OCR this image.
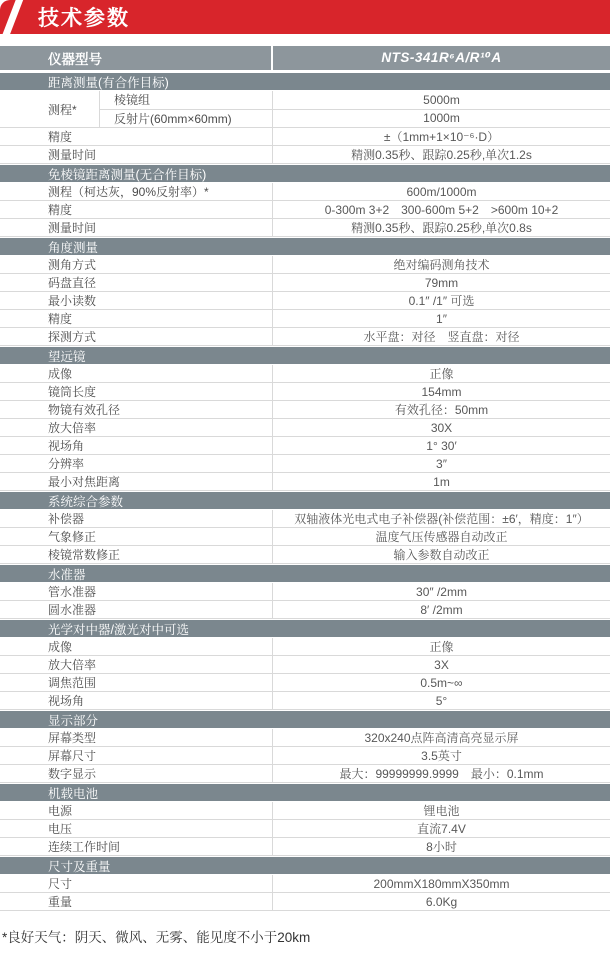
技术参数
仪器型号	NTS-341R⁶A/R¹⁰A
距离测量(有合作目标)
测程*
棱镜组	5000m
反射片(60mm×60mm)	1000m
精度	±（1mm+1×10⁻⁶·D）
测量时间	精测0.35秒、跟踪0.25秒,单次1.2s
免棱镜距离测量(无合作目标)
测程（柯达灰，90%反射率）*	600m/1000m
精度	0-300m 3+2　300-600m 5+2　>600m 10+2
测量时间	精测0.35秒、跟踪0.25秒,单次0.8s
角度测量
测角方式	绝对编码测角技术
码盘直径	79mm
最小读数	0.1″ /1″ 可选
精度	1″
探测方式	水平盘：对径　竖直盘：对径
望远镜
成像	正像
镜筒长度	154mm
物镜有效孔径	有效孔径：50mm
放大倍率	30X
视场角	1° 30′
分辨率	3″
最小对焦距离	1m
系统综合参数
补偿器	双轴液体光电式电子补偿器(补偿范围：±6′，精度：1″）
气象修正	温度气压传感器自动改正
棱镜常数修正	输入参数自动改正
水准器
管水准器	30″ /2mm
圆水准器	8′ /2mm
光学对中器/激光对中可选
成像	正像
放大倍率	3X
调焦范围	0.5m~∞
视场角	5°
显示部分
屏幕类型	320x240点阵高清高亮显示屏
屏幕尺寸	3.5英寸
数字显示	最大：99999999.9999　最小：0.1mm
机载电池
电源	锂电池
电压	直流7.4V
连续工作时间	8小时
尺寸及重量
尺寸	200mmX180mmX350mm
重量	6.0Kg

*良好天气：阴天、微风、无雾、能见度不小于20km
